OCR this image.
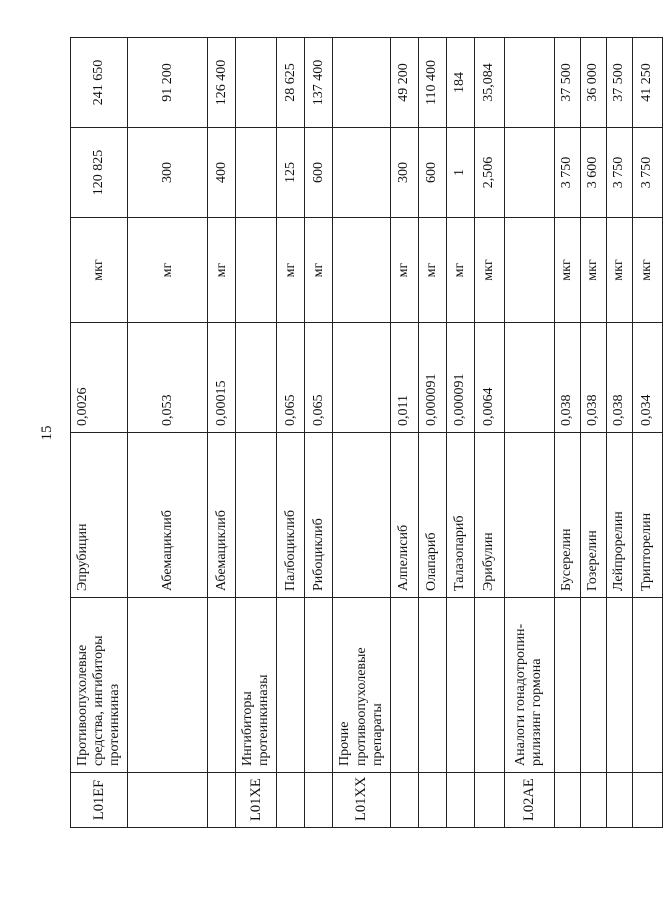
15
L01EF	Противоопухолевые средства, ингибиторы протеинкиназ	Эпрубицин	0,0026	мкг	120 825	241 650
		Абемациклиб	0,053	мг	300	91 200
		Абемациклиб	0,00015	мг	400	126 400
L01XE	Ингибиторы протеинкиназы					
		Палбоциклиб	0,065	мг	125	28 625
		Рибоциклиб	0,065	мг	600	137 400
L01XX	Прочие противоопухолевые препараты					
		Алпелисиб	0,011	мг	300	49 200
		Олапариб	0,000091	мг	600	110 400
		Талазопариб	0,000091	мг	1	184
		Эрибулин	0,0064	мкг	2,506	35,084
L02AE	Аналоги гонадотропин-рилизинг гормона					
		Бусерелин	0,038	мкг	3 750	37 500
		Гозерелин	0,038	мкг	3 600	36 000
		Лейпрорелин	0,038	мкг	3 750	37 500
		Трипторелин	0,034	мкг	3 750	41 250
